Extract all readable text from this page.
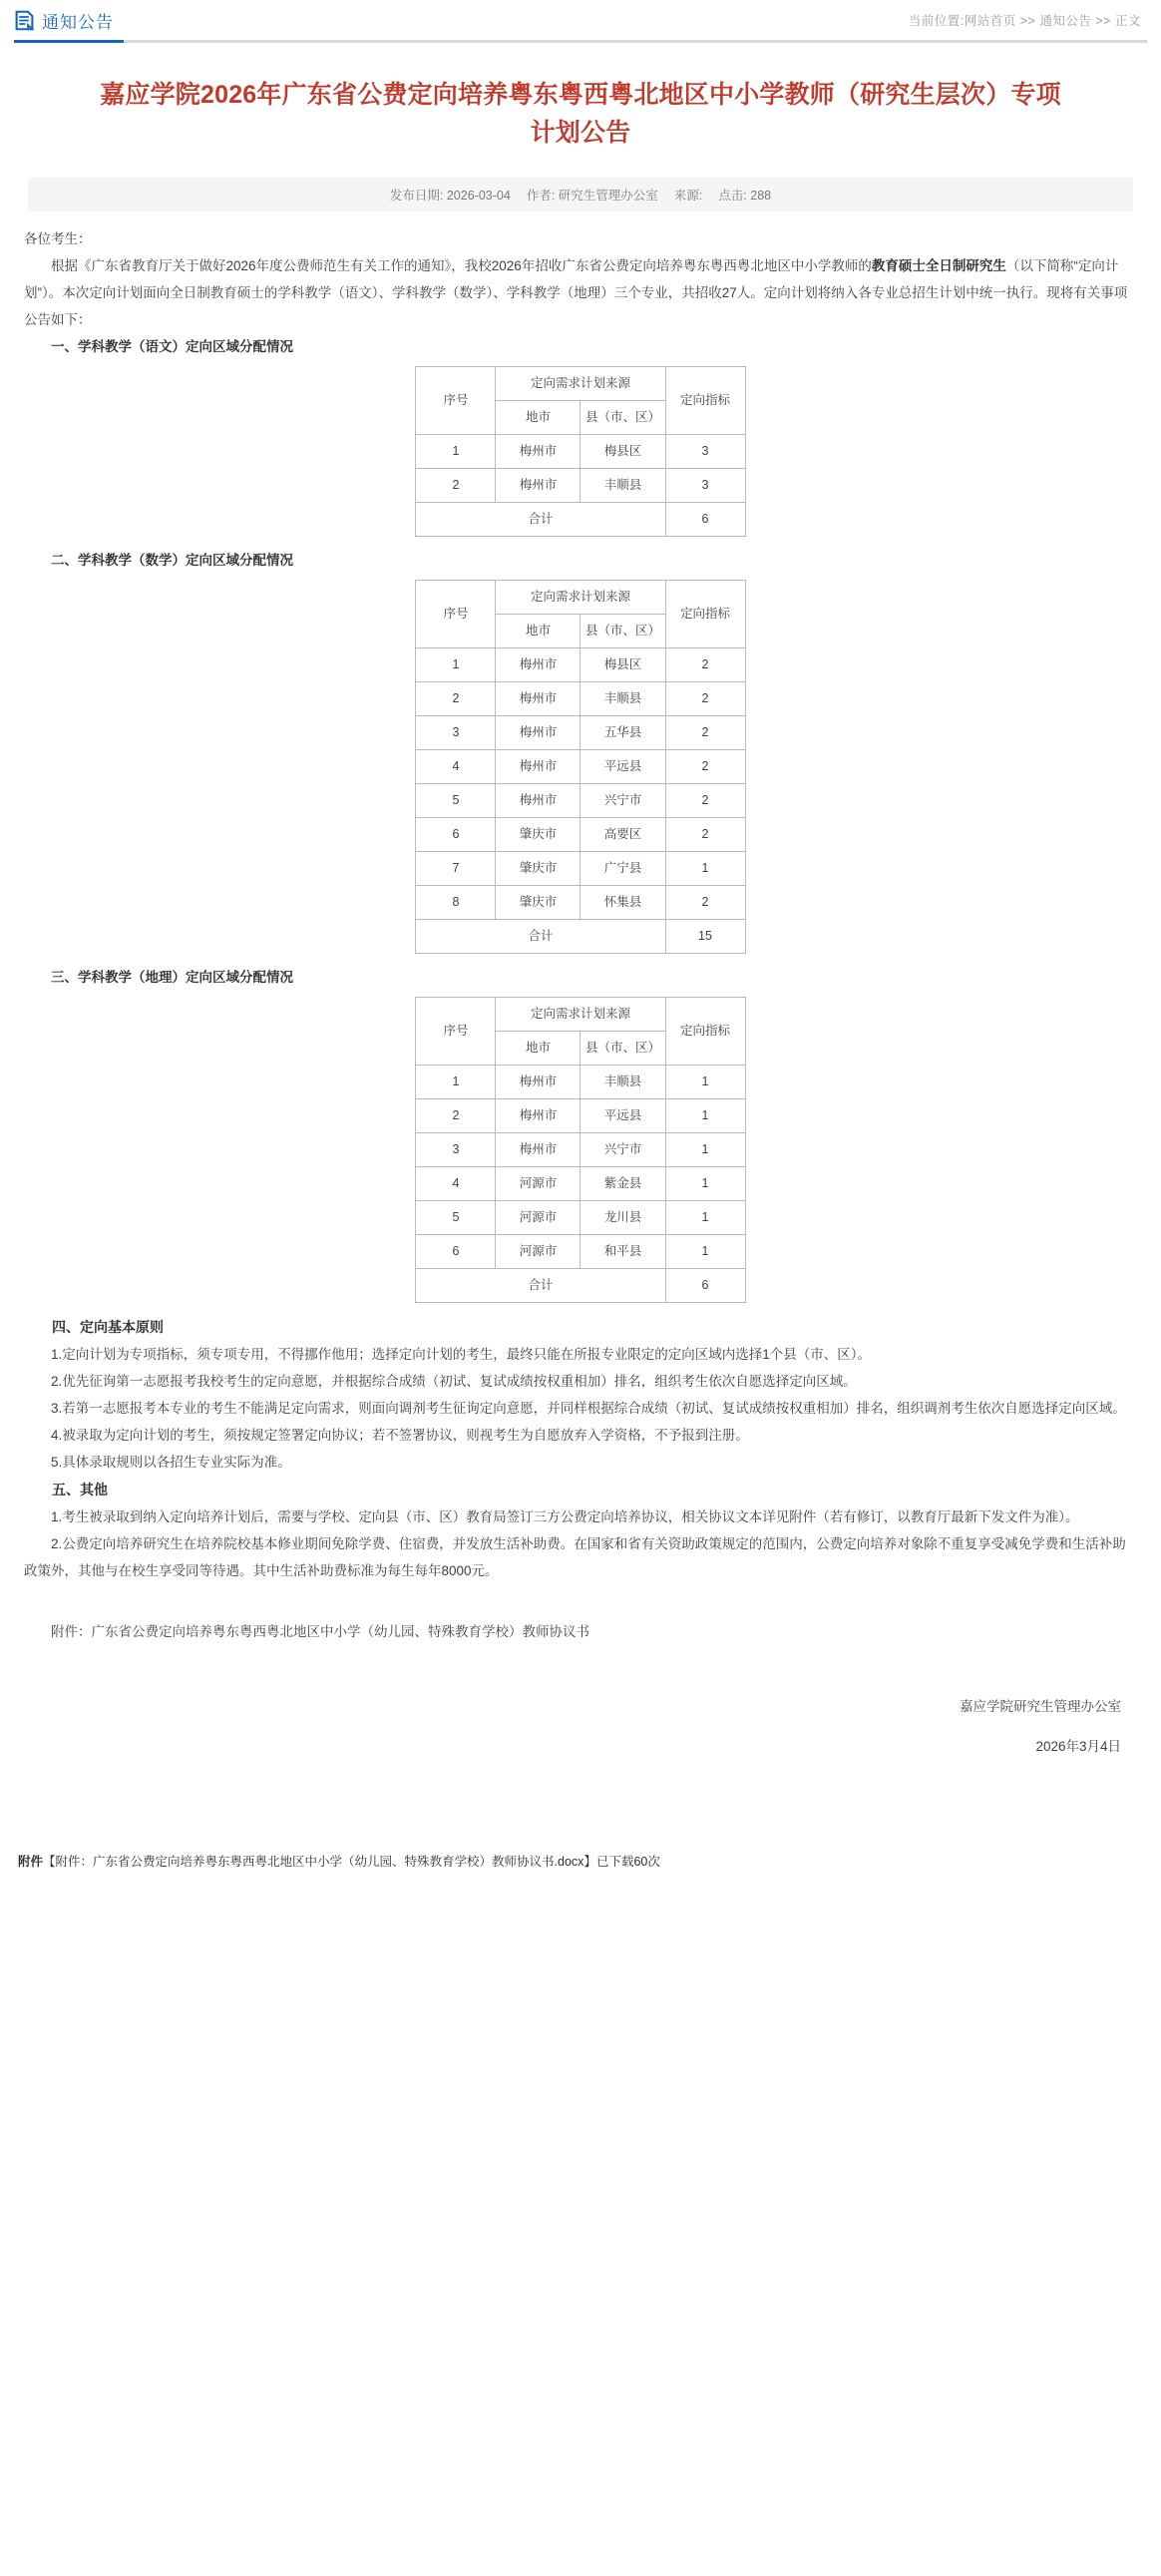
通知公告	当前位置:网站首页 >> 通知公告 >> 正文
嘉应学院2026年广东省公费定向培养粤东粤西粤北地区中小学教师（研究生层次）专项计划公告
发布日期: 2026-03-04 作者: 研究生管理办公室 来源: 点击: 288

各位考生：

根据《广东省教育厅关于做好2026年度公费师范生有关工作的通知》，我校2026年招收广东省公费定向培养粤东粤西粤北地区中小学教师的教育硕士全日制研究生（以下简称“定向计划”）。本次定向计划面向全日制教育硕士的学科教学（语文）、学科教学（数学）、学科教学（地理）三个专业，共招收27人。定向计划将纳入各专业总招生计划中统一执行。现将有关事项公告如下：

一、学科教学（语文）定向区域分配情况

序号	定向需求计划来源		定向指标
	地市	县（市、区）	
1	梅州市	梅县区	3
2	梅州市	丰顺县	3
合计			6

二、学科教学（数学）定向区域分配情况

序号	定向需求计划来源		定向指标
	地市	县（市、区）	
1	梅州市	梅县区	2
2	梅州市	丰顺县	2
3	梅州市	五华县	2
4	梅州市	平远县	2
5	梅州市	兴宁市	2
6	肇庆市	高要区	2
7	肇庆市	广宁县	1
8	肇庆市	怀集县	2
合计			15

三、学科教学（地理）定向区域分配情况

序号	定向需求计划来源		定向指标
	地市	县（市、区）	
1	梅州市	丰顺县	1
2	梅州市	平远县	1
3	梅州市	兴宁市	1
4	河源市	紫金县	1
5	河源市	龙川县	1
6	河源市	和平县	1
合计			6

四、定向基本原则

1.定向计划为专项指标，须专项专用，不得挪作他用；选择定向计划的考生，最终只能在所报专业限定的定向区域内选择1个县（市、区）。

2.优先征询第一志愿报考我校考生的定向意愿，并根据综合成绩（初试、复试成绩按权重相加）排名，组织考生依次自愿选择定向区域。

3.若第一志愿报考本专业的考生不能满足定向需求，则面向调剂考生征询定向意愿，并同样根据综合成绩（初试、复试成绩按权重相加）排名，组织调剂考生依次自愿选择定向区域。

4.被录取为定向计划的考生，须按规定签署定向协议；若不签署协议，则视考生为自愿放弃入学资格，不予报到注册。

5.具体录取规则以各招生专业实际为准。

五、其他

1.考生被录取到纳入定向培养计划后，需要与学校、定向县（市、区）教育局签订三方公费定向培养协议，相关协议文本详见附件（若有修订，以教育厅最新下发文件为准）。

2.公费定向培养研究生在培养院校基本修业期间免除学费、住宿费，并发放生活补助费。在国家和省有关资助政策规定的范围内，公费定向培养对象除不重复享受减免学费和生活补助政策外，其他与在校生享受同等待遇。其中生活补助费标准为每生每年8000元。

附件：广东省公费定向培养粤东粤西粤北地区中小学（幼儿园、特殊教育学校）教师协议书

嘉应学院研究生管理办公室

2026年3月4日

附件【附件：广东省公费定向培养粤东粤西粤北地区中小学（幼儿园、特殊教育学校）教师协议书.docx】已下载60次
